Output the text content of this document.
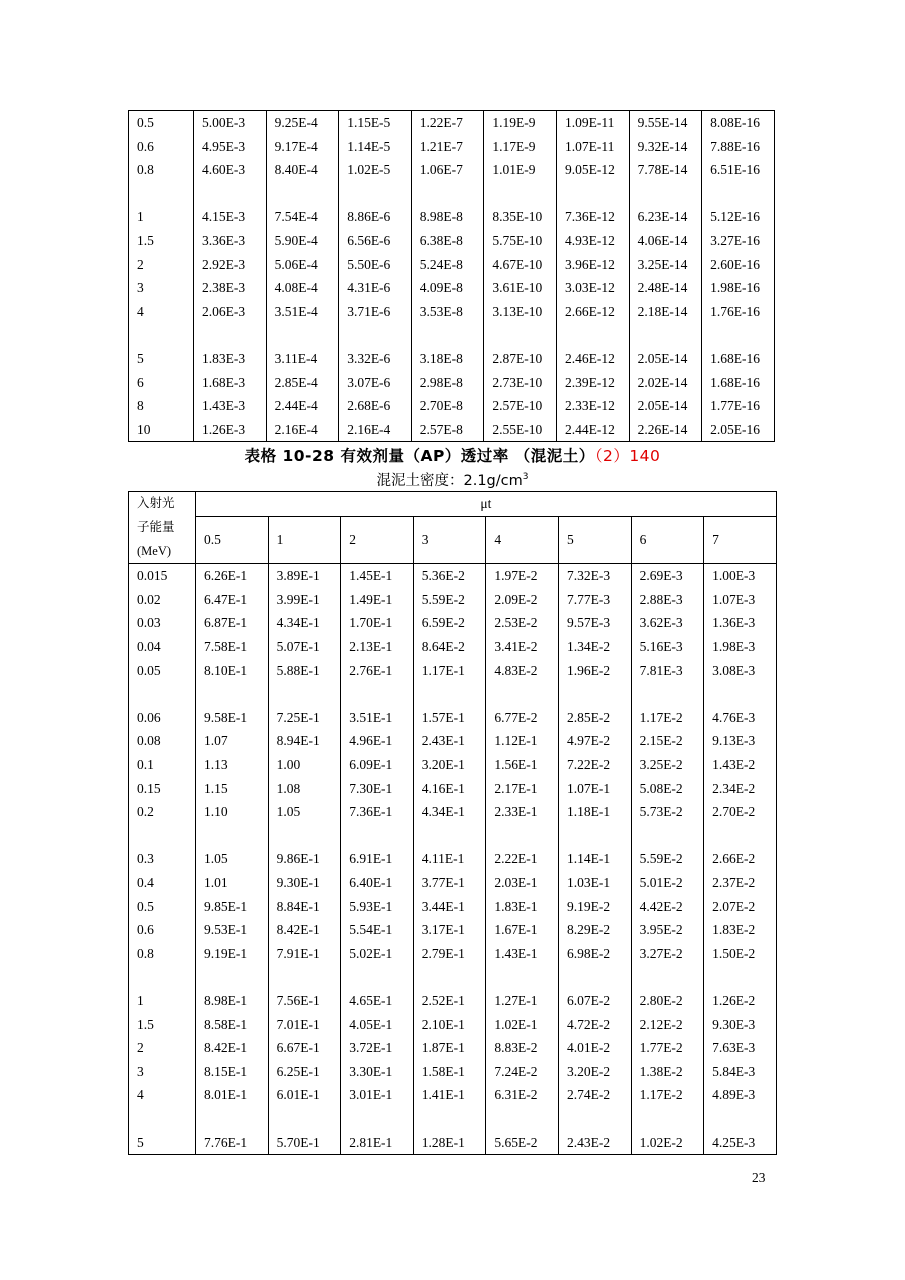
0.5	5.00E-3	9.25E-4	1.15E-5	1.22E-7	1.19E-9	1.09E-11	9.55E-14	8.08E-16
0.6	4.95E-3	9.17E-4	1.14E-5	1.21E-7	1.17E-9	1.07E-11	9.32E-14	7.88E-16
0.8	4.60E-3	8.40E-4	1.02E-5	1.06E-7	1.01E-9	9.05E-12	7.78E-14	6.51E-16

1	4.15E-3	7.54E-4	8.86E-6	8.98E-8	8.35E-10	7.36E-12	6.23E-14	5.12E-16
1.5	3.36E-3	5.90E-4	6.56E-6	6.38E-8	5.75E-10	4.93E-12	4.06E-14	3.27E-16
2	2.92E-3	5.06E-4	5.50E-6	5.24E-8	4.67E-10	3.96E-12	3.25E-14	2.60E-16
3	2.38E-3	4.08E-4	4.31E-6	4.09E-8	3.61E-10	3.03E-12	2.48E-14	1.98E-16
4	2.06E-3	3.51E-4	3.71E-6	3.53E-8	3.13E-10	2.66E-12	2.18E-14	1.76E-16

5	1.83E-3	3.11E-4	3.32E-6	3.18E-8	2.87E-10	2.46E-12	2.05E-14	1.68E-16
6	1.68E-3	2.85E-4	3.07E-6	2.98E-8	2.73E-10	2.39E-12	2.02E-14	1.68E-16
8	1.43E-3	2.44E-4	2.68E-6	2.70E-8	2.57E-10	2.33E-12	2.05E-14	1.77E-16
10	1.26E-3	2.16E-4	2.16E-4	2.57E-8	2.55E-10	2.44E-12	2.26E-14	2.05E-16
表格 10-28 有效剂量（AP）透过率 （混泥土）（2）140
混泥土密度：$2.1g/cm^3$
入射光	μt							
子能量	0.5	1	2	3	4	5	6	7
(MeV)								
0.015	6.26E-1	3.89E-1	1.45E-1	5.36E-2	1.97E-2	7.32E-3	2.69E-3	1.00E-3
0.02	6.47E-1	3.99E-1	1.49E-1	5.59E-2	2.09E-2	7.77E-3	2.88E-3	1.07E-3
0.03	6.87E-1	4.34E-1	1.70E-1	6.59E-2	2.53E-2	9.57E-3	3.62E-3	1.36E-3
0.04	7.58E-1	5.07E-1	2.13E-1	8.64E-2	3.41E-2	1.34E-2	5.16E-3	1.98E-3
0.05	8.10E-1	5.88E-1	2.76E-1	1.17E-1	4.83E-2	1.96E-2	7.81E-3	3.08E-3

0.06	9.58E-1	7.25E-1	3.51E-1	1.57E-1	6.77E-2	2.85E-2	1.17E-2	4.76E-3
0.08	1.07	8.94E-1	4.96E-1	2.43E-1	1.12E-1	4.97E-2	2.15E-2	9.13E-3
0.1	1.13	1.00	6.09E-1	3.20E-1	1.56E-1	7.22E-2	3.25E-2	1.43E-2
0.15	1.15	1.08	7.30E-1	4.16E-1	2.17E-1	1.07E-1	5.08E-2	2.34E-2
0.2	1.10	1.05	7.36E-1	4.34E-1	2.33E-1	1.18E-1	5.73E-2	2.70E-2

0.3	1.05	9.86E-1	6.91E-1	4.11E-1	2.22E-1	1.14E-1	5.59E-2	2.66E-2
0.4	1.01	9.30E-1	6.40E-1	3.77E-1	2.03E-1	1.03E-1	5.01E-2	2.37E-2
0.5	9.85E-1	8.84E-1	5.93E-1	3.44E-1	1.83E-1	9.19E-2	4.42E-2	2.07E-2
0.6	9.53E-1	8.42E-1	5.54E-1	3.17E-1	1.67E-1	8.29E-2	3.95E-2	1.83E-2
0.8	9.19E-1	7.91E-1	5.02E-1	2.79E-1	1.43E-1	6.98E-2	3.27E-2	1.50E-2

1	8.98E-1	7.56E-1	4.65E-1	2.52E-1	1.27E-1	6.07E-2	2.80E-2	1.26E-2
1.5	8.58E-1	7.01E-1	4.05E-1	2.10E-1	1.02E-1	4.72E-2	2.12E-2	9.30E-3
2	8.42E-1	6.67E-1	3.72E-1	1.87E-1	8.83E-2	4.01E-2	1.77E-2	7.63E-3
3	8.15E-1	6.25E-1	3.30E-1	1.58E-1	7.24E-2	3.20E-2	1.38E-2	5.84E-3
4	8.01E-1	6.01E-1	3.01E-1	1.41E-1	6.31E-2	2.74E-2	1.17E-2	4.89E-3

5	7.76E-1	5.70E-1	2.81E-1	1.28E-1	5.65E-2	2.43E-2	1.02E-2	4.25E-3
23
